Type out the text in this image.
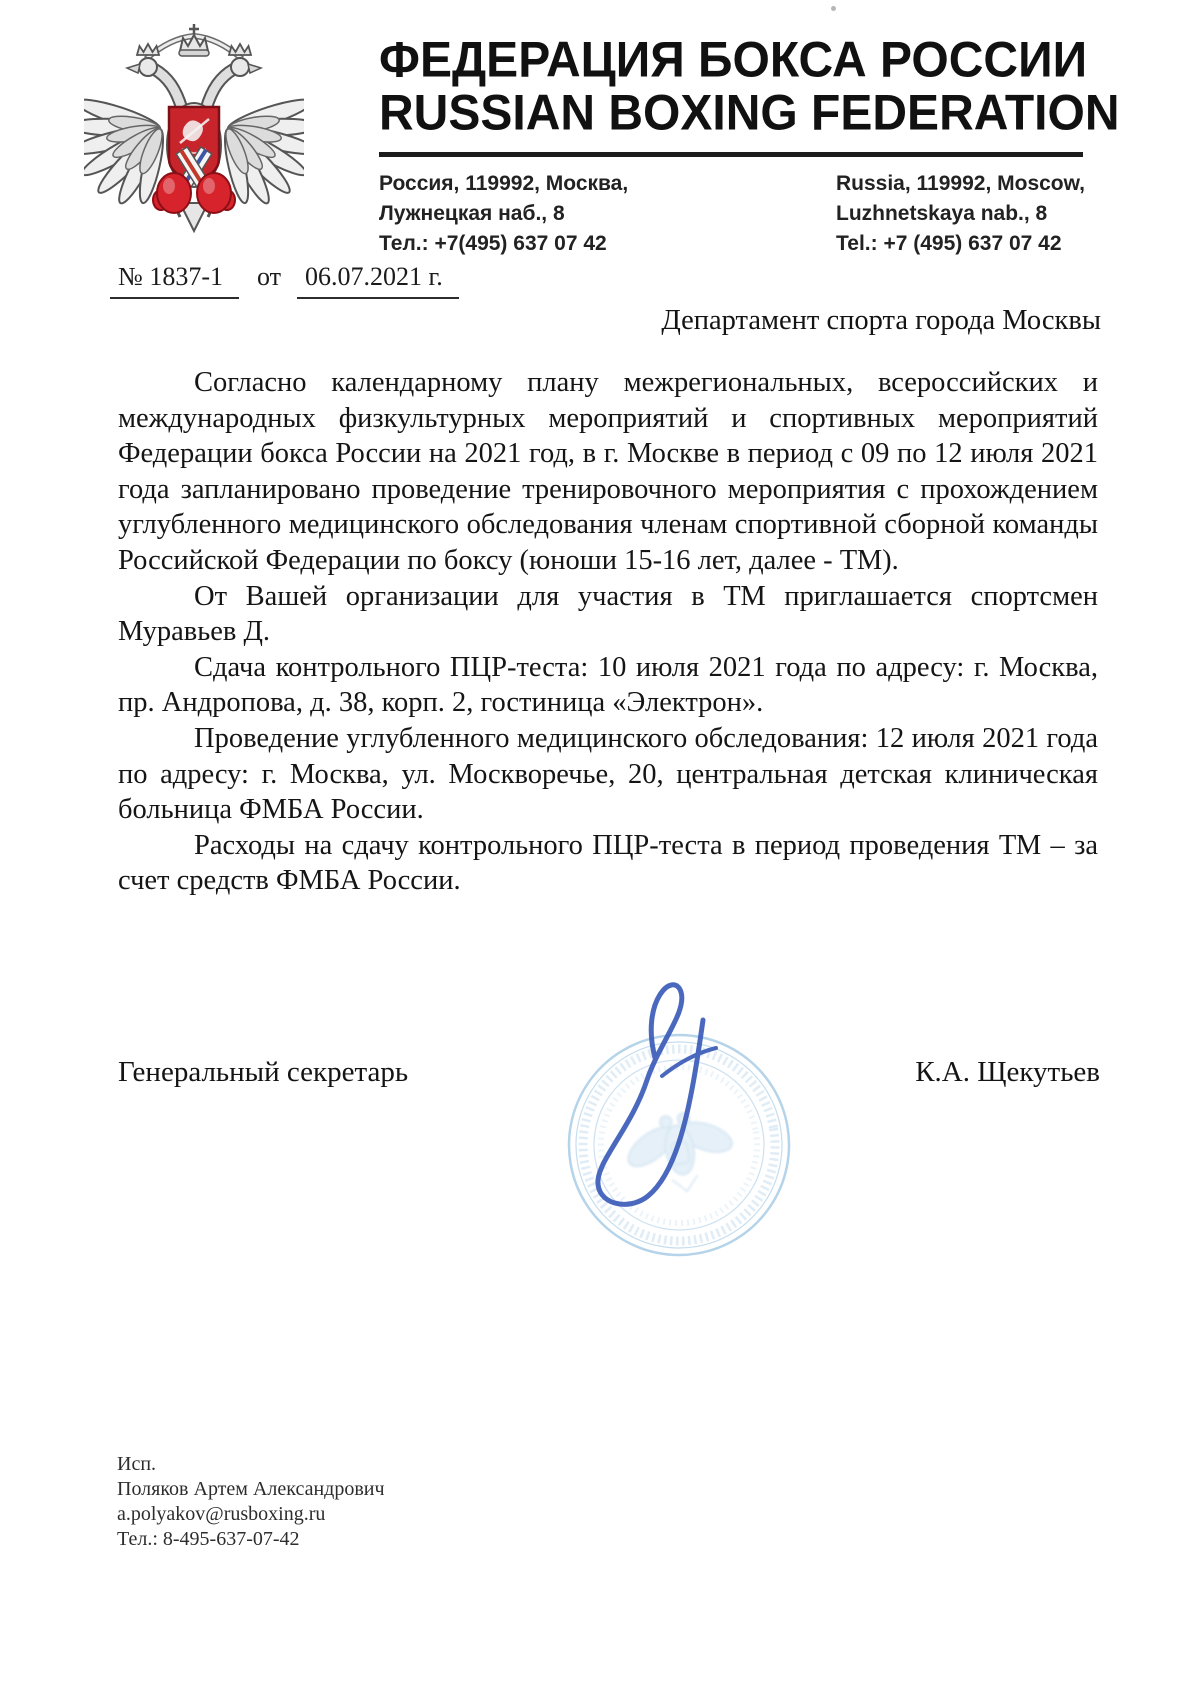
ФЕДЕРАЦИЯ БОКСА РОССИИ
RUSSIAN BOXING FEDERATION
Россия, 119992, Москва,
Лужнецкая наб., 8
Тел.: +7(495) 637 07 42
Russia, 119992, Moscow,
Luzhnetskaya nab., 8
Tel.: +7 (495) 637 07 42
№ 1837-1 от 06.07.2021 г.
Департамент спорта города Москвы

Согласно календарному плану межрегиональных, всероссийских и международных физкультурных мероприятий и спортивных мероприятий Федерации бокса России на 2021 год, в г. Москве в период с 09 по 12 июля 2021 года запланировано проведение тренировочного мероприятия с прохождением углубленного медицинского обследования членам спортивной сборной команды Российской Федерации по боксу (юноши 15-16 лет, далее - ТМ).

От Вашей организации для участия в ТМ приглашается спортсмен Муравьев Д.

Сдача контрольного ПЦР-теста: 10 июля 2021 года по адресу: г. Москва, пр. Андропова, д. 38, корп. 2, гостиница «Электрон».

Проведение углубленного медицинского обследования: 12 июля 2021 года по адресу: г. Москва, ул. Москворечье, 20, центральная детская клиническая больница ФМБА России.

Расходы на сдачу контрольного ПЦР-теста в период проведения ТМ – за счет средств ФМБА России.

Генеральный секретарь	К.А. Щекутьев
Исп.
Поляков Артем Александрович
a.polyakov@rusboxing.ru
Тел.: 8-495-637-07-42
